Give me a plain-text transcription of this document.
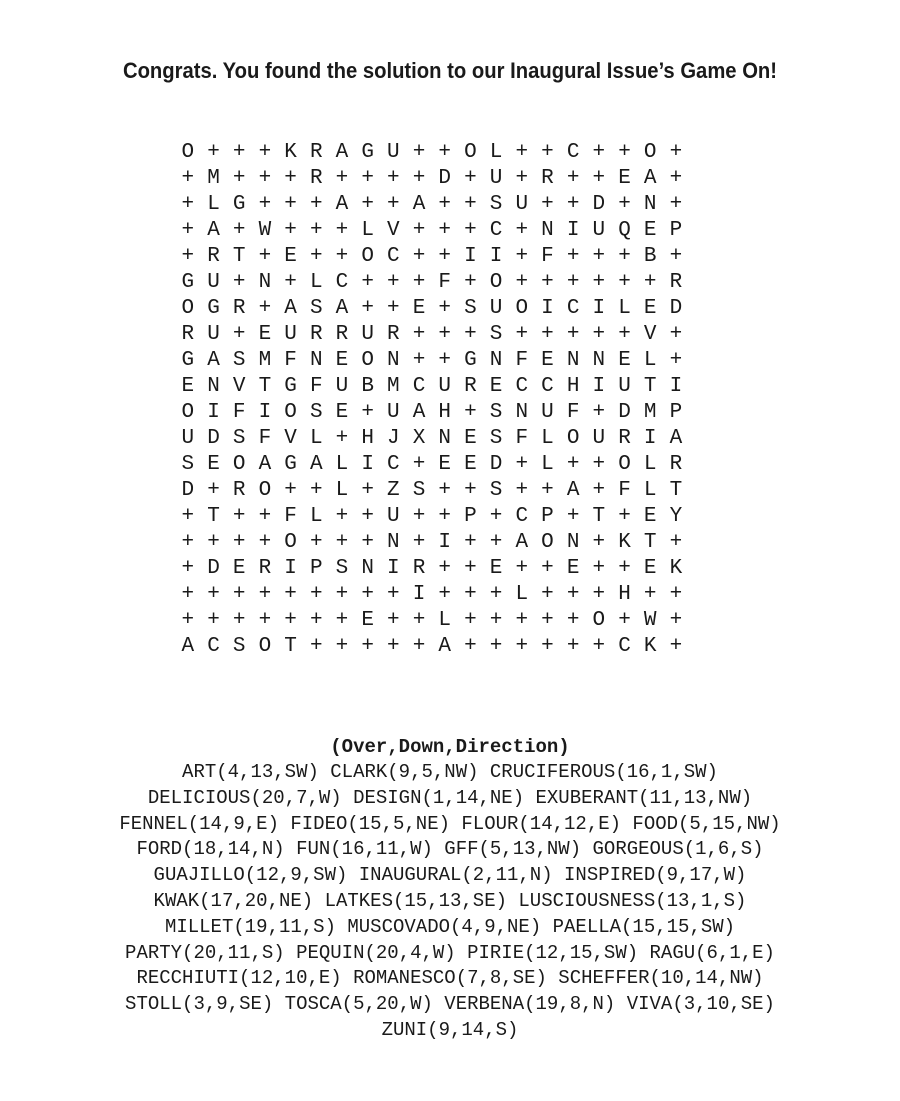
Congrats. You found the solution to our Inaugural Issue’s Game On!
O + + + K R A G U + + O L + + C + + O +
+ M + + + R + + + + D + U + R + + E A +
+ L G + + + A + + A + + S U + + D + N +
+ A + W + + + L V + + + C + N I U Q E P
+ R T + E + + O C + + I I + F + + + B +
G U + N + L C + + + F + O + + + + + + R
O G R + A S A + + E + S U O I C I L E D
R U + E U R R U R + + + S + + + + + V +
G A S M F N E O N + + G N F E N N E L +
E N V T G F U B M C U R E C C H I U T I
O I F I O S E + U A H + S N U F + D M P
U D S F V L + H J X N E S F L O U R I A
S E O A G A L I C + E E D + L + + O L R
D + R O + + L + Z S + + S + + A + F L T
+ T + + F L + + U + + P + C P + T + E Y
+ + + + O + + + N + I + + A O N + K T +
+ D E R I P S N I R + + E + + E + + E K
+ + + + + + + + + I + + + L + + + H + +
+ + + + + + + E + + L + + + + + O + W +
A C S O T + + + + + A + + + + + + C K +
(Over,Down,Direction)
ART(4,13,SW) CLARK(9,5,NW) CRUCIFEROUS(16,1,SW)
DELICIOUS(20,7,W) DESIGN(1,14,NE) EXUBERANT(11,13,NW)
FENNEL(14,9,E) FIDEO(15,5,NE) FLOUR(14,12,E) FOOD(5,15,NW)
FORD(18,14,N) FUN(16,11,W) GFF(5,13,NW) GORGEOUS(1,6,S)
GUAJILLO(12,9,SW) INAUGURAL(2,11,N) INSPIRED(9,17,W)
KWAK(17,20,NE) LATKES(15,13,SE) LUSCIOUSNESS(13,1,S)
MILLET(19,11,S) MUSCOVADO(4,9,NE) PAELLA(15,15,SW)
PARTY(20,11,S) PEQUIN(20,4,W) PIRIE(12,15,SW) RAGU(6,1,E)
RECCHIUTI(12,10,E) ROMANESCO(7,8,SE) SCHEFFER(10,14,NW)
STOLL(3,9,SE) TOSCA(5,20,W) VERBENA(19,8,N) VIVA(3,10,SE)
ZUNI(9,14,S)
